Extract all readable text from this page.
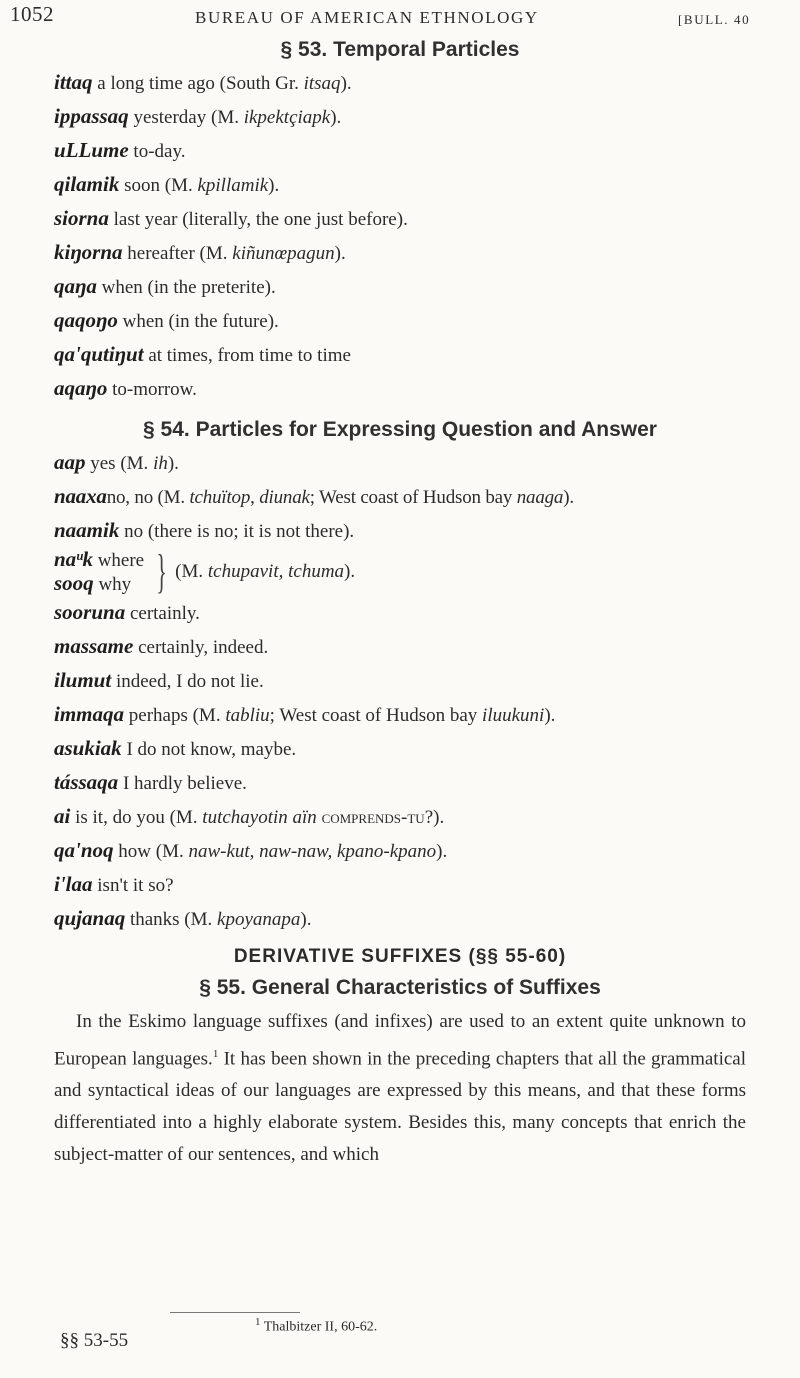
1052	BUREAU OF AMERICAN ETHNOLOGY	[BULL. 40
§ 53. Temporal Particles
ittaq a long time ago (South Gr. itsaq).
ippassaq yesterday (M. ikpektçiapk).
uLLume to-day.
qilamik soon (M. kpillamik).
siorna last year (literally, the one just before).
kiŋorna hereafter (M. kiñunœpagun).
qaŋa when (in the preterite).
qaqoŋo when (in the future).
qa'qutiŋut at times, from time to time
aqaŋo to-morrow.
§ 54. Particles for Expressing Question and Answer
aap yes (M. ih).
naaxano, no (M. tchuïtop, diunak; West coast of Hudson bay naaga).
naamik no (there is no; it is not there).
naᵘk where
sooq why } (M. tchupavit, tchuma).
sooruna certainly.
massame certainly, indeed.
ilumut indeed, I do not lie.
immaqa perhaps (M. tabliu; West coast of Hudson bay iluukuni).
asukiak I do not know, maybe.
tássaqa I hardly believe.
ai is it, do you (M. tutchayotin aïn comprends-tu?).
qa'noq how (M. naw-kut, naw-naw, kpano-kpano).
i'laa isn't it so?
qujanaq thanks (M. kpoyanapa).
DERIVATIVE SUFFIXES (§§ 55-60)
§ 55. General Characteristics of Suffixes

In the Eskimo language suffixes (and infixes) are used to an extent quite unknown to European languages.$^1$ It has been shown in the preceding chapters that all the grammatical and syntactical ideas of our languages are expressed by this means, and that these forms differentiated into a highly elaborate system. Besides this, many concepts that enrich the subject-matter of our sentences, and which

$^1$ Thalbitzer II, 60-62.
§§ 53-55
